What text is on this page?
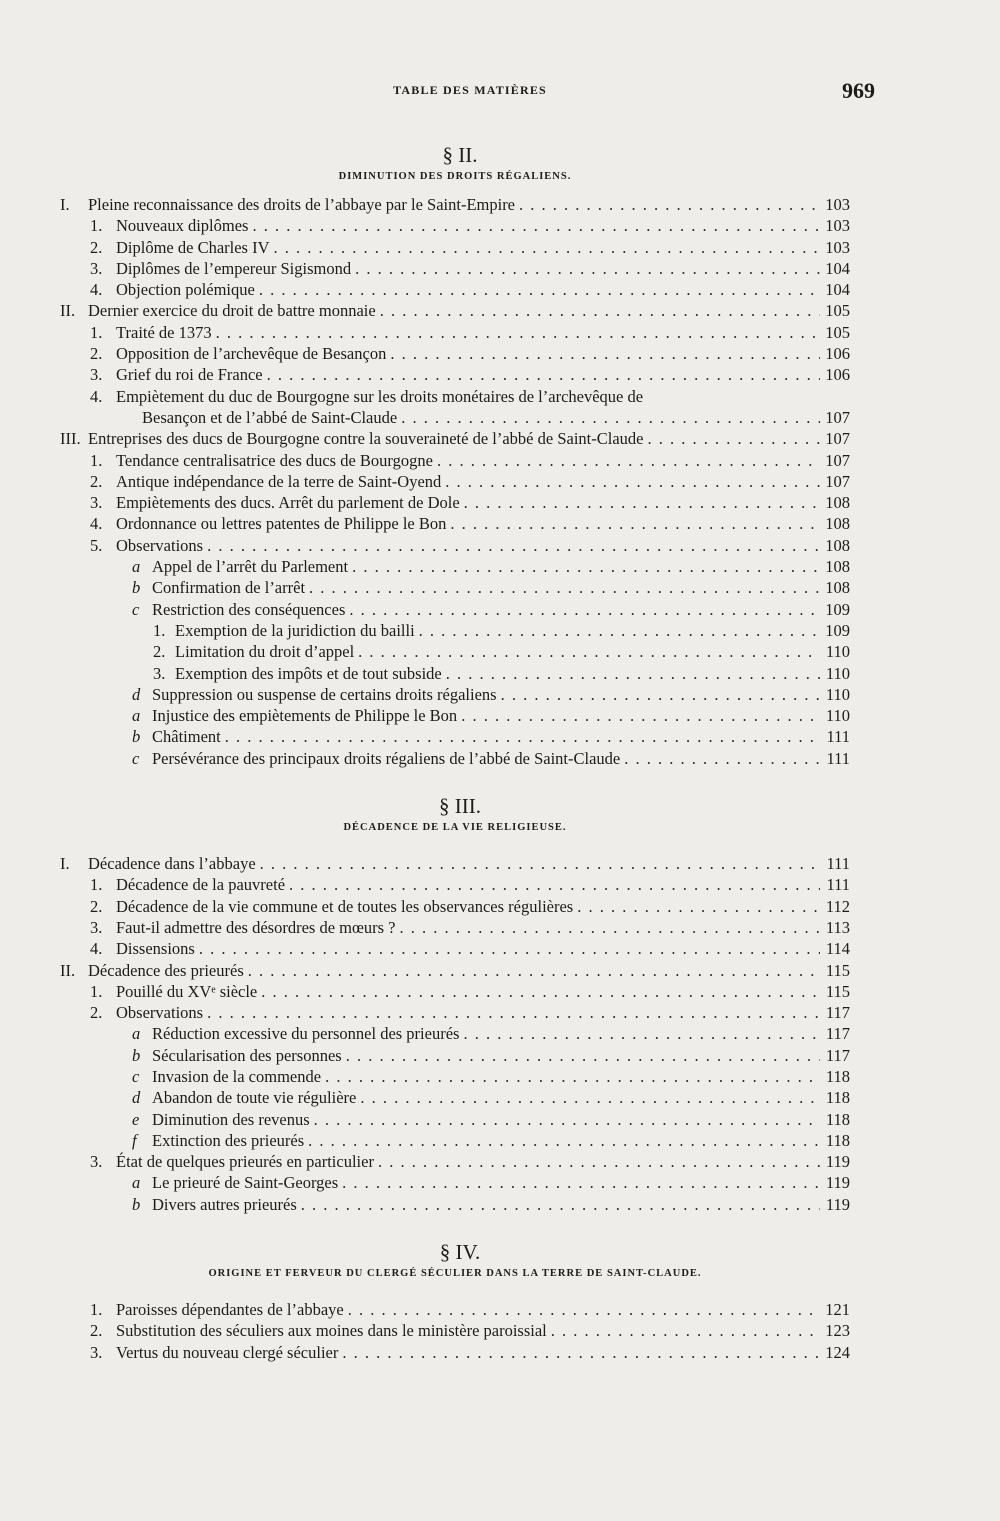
TABLE DES MATIÈRES	969
§ II.
DIMINUTION DES DROITS RÉGALIENS.
I.	Pleine reconnaissance des droits de l’abbaye par le Saint-Empire . . .	103
1. Nouveaux diplômes . . .	103
2. Diplôme de Charles IV . . .	103
3. Diplômes de l’empereur Sigismond . . .	104
4. Objection polémique . . .	104
II. Dernier exercice du droit de battre monnaie . . .	105
1. Traité de 1373 . . .	105
2. Opposition de l’archevêque de Besançon . . .	106
3. Grief du roi de France . . .	106
4. Empiètement du duc de Bourgogne sur les droits monétaires de l’archevêque de
Besançon et de l’abbé de Saint-Claude . . .	107
III. Entreprises des ducs de Bourgogne contre la souveraineté de l’abbé de Saint-Claude . . .	107
1. Tendance centralisatrice des ducs de Bourgogne . . .	107
2. Antique indépendance de la terre de Saint-Oyend . . .	107
3. Empiètements des ducs. Arrêt du parlement de Dole . . .	108
4. Ordonnance ou lettres patentes de Philippe le Bon . . .	108
5. Observations . . .	108
a Appel de l’arrêt du Parlement . . .	108
b Confirmation de l’arrêt . . .	108
c Restriction des conséquences . . .	109
1. Exemption de la juridiction du bailli . . .	109
2. Limitation du droit d’appel . . .	110
3. Exemption des impôts et de tout subside . . .	110
d Suppression ou suspense de certains droits régaliens . . .	110
a Injustice des empiètements de Philippe le Bon . . .	110
b Châtiment . . .	111
c Persévérance des principaux droits régaliens de l’abbé de Saint-Claude . . .	111
§ III.
DÉCADENCE DE LA VIE RELIGIEUSE.
I.	Décadence dans l’abbaye . . .	111
1. Décadence de la pauvreté . . .	111
2. Décadence de la vie commune et de toutes les observances régulières . . .	112
3. Faut-il admettre des désordres de mœurs ? . . .	113
4. Dissensions . . .	114
II. Décadence des prieurés . . .	115
1. Pouillé du XVᵉ siècle . . .	115
2. Observations . . .	117
a Réduction excessive du personnel des prieurés . . .	117
b Sécularisation des personnes . . .	117
c Invasion de la commende . . .	118
d Abandon de toute vie régulière . . .	118
e Diminution des revenus . . .	118
f Extinction des prieurés . . .	118
3. État de quelques prieurés en particulier . . .	119
a Le prieuré de Saint-Georges . . .	119
b Divers autres prieurés . . .	119
§ IV.
ORIGINE ET FERVEUR DU CLERGÉ SÉCULIER DANS LA TERRE DE SAINT-CLAUDE.
1. Paroisses dépendantes de l’abbaye . . .	121
2. Substitution des séculiers aux moines dans le ministère paroissial . . .	123
3. Vertus du nouveau clergé séculier . . .	124
